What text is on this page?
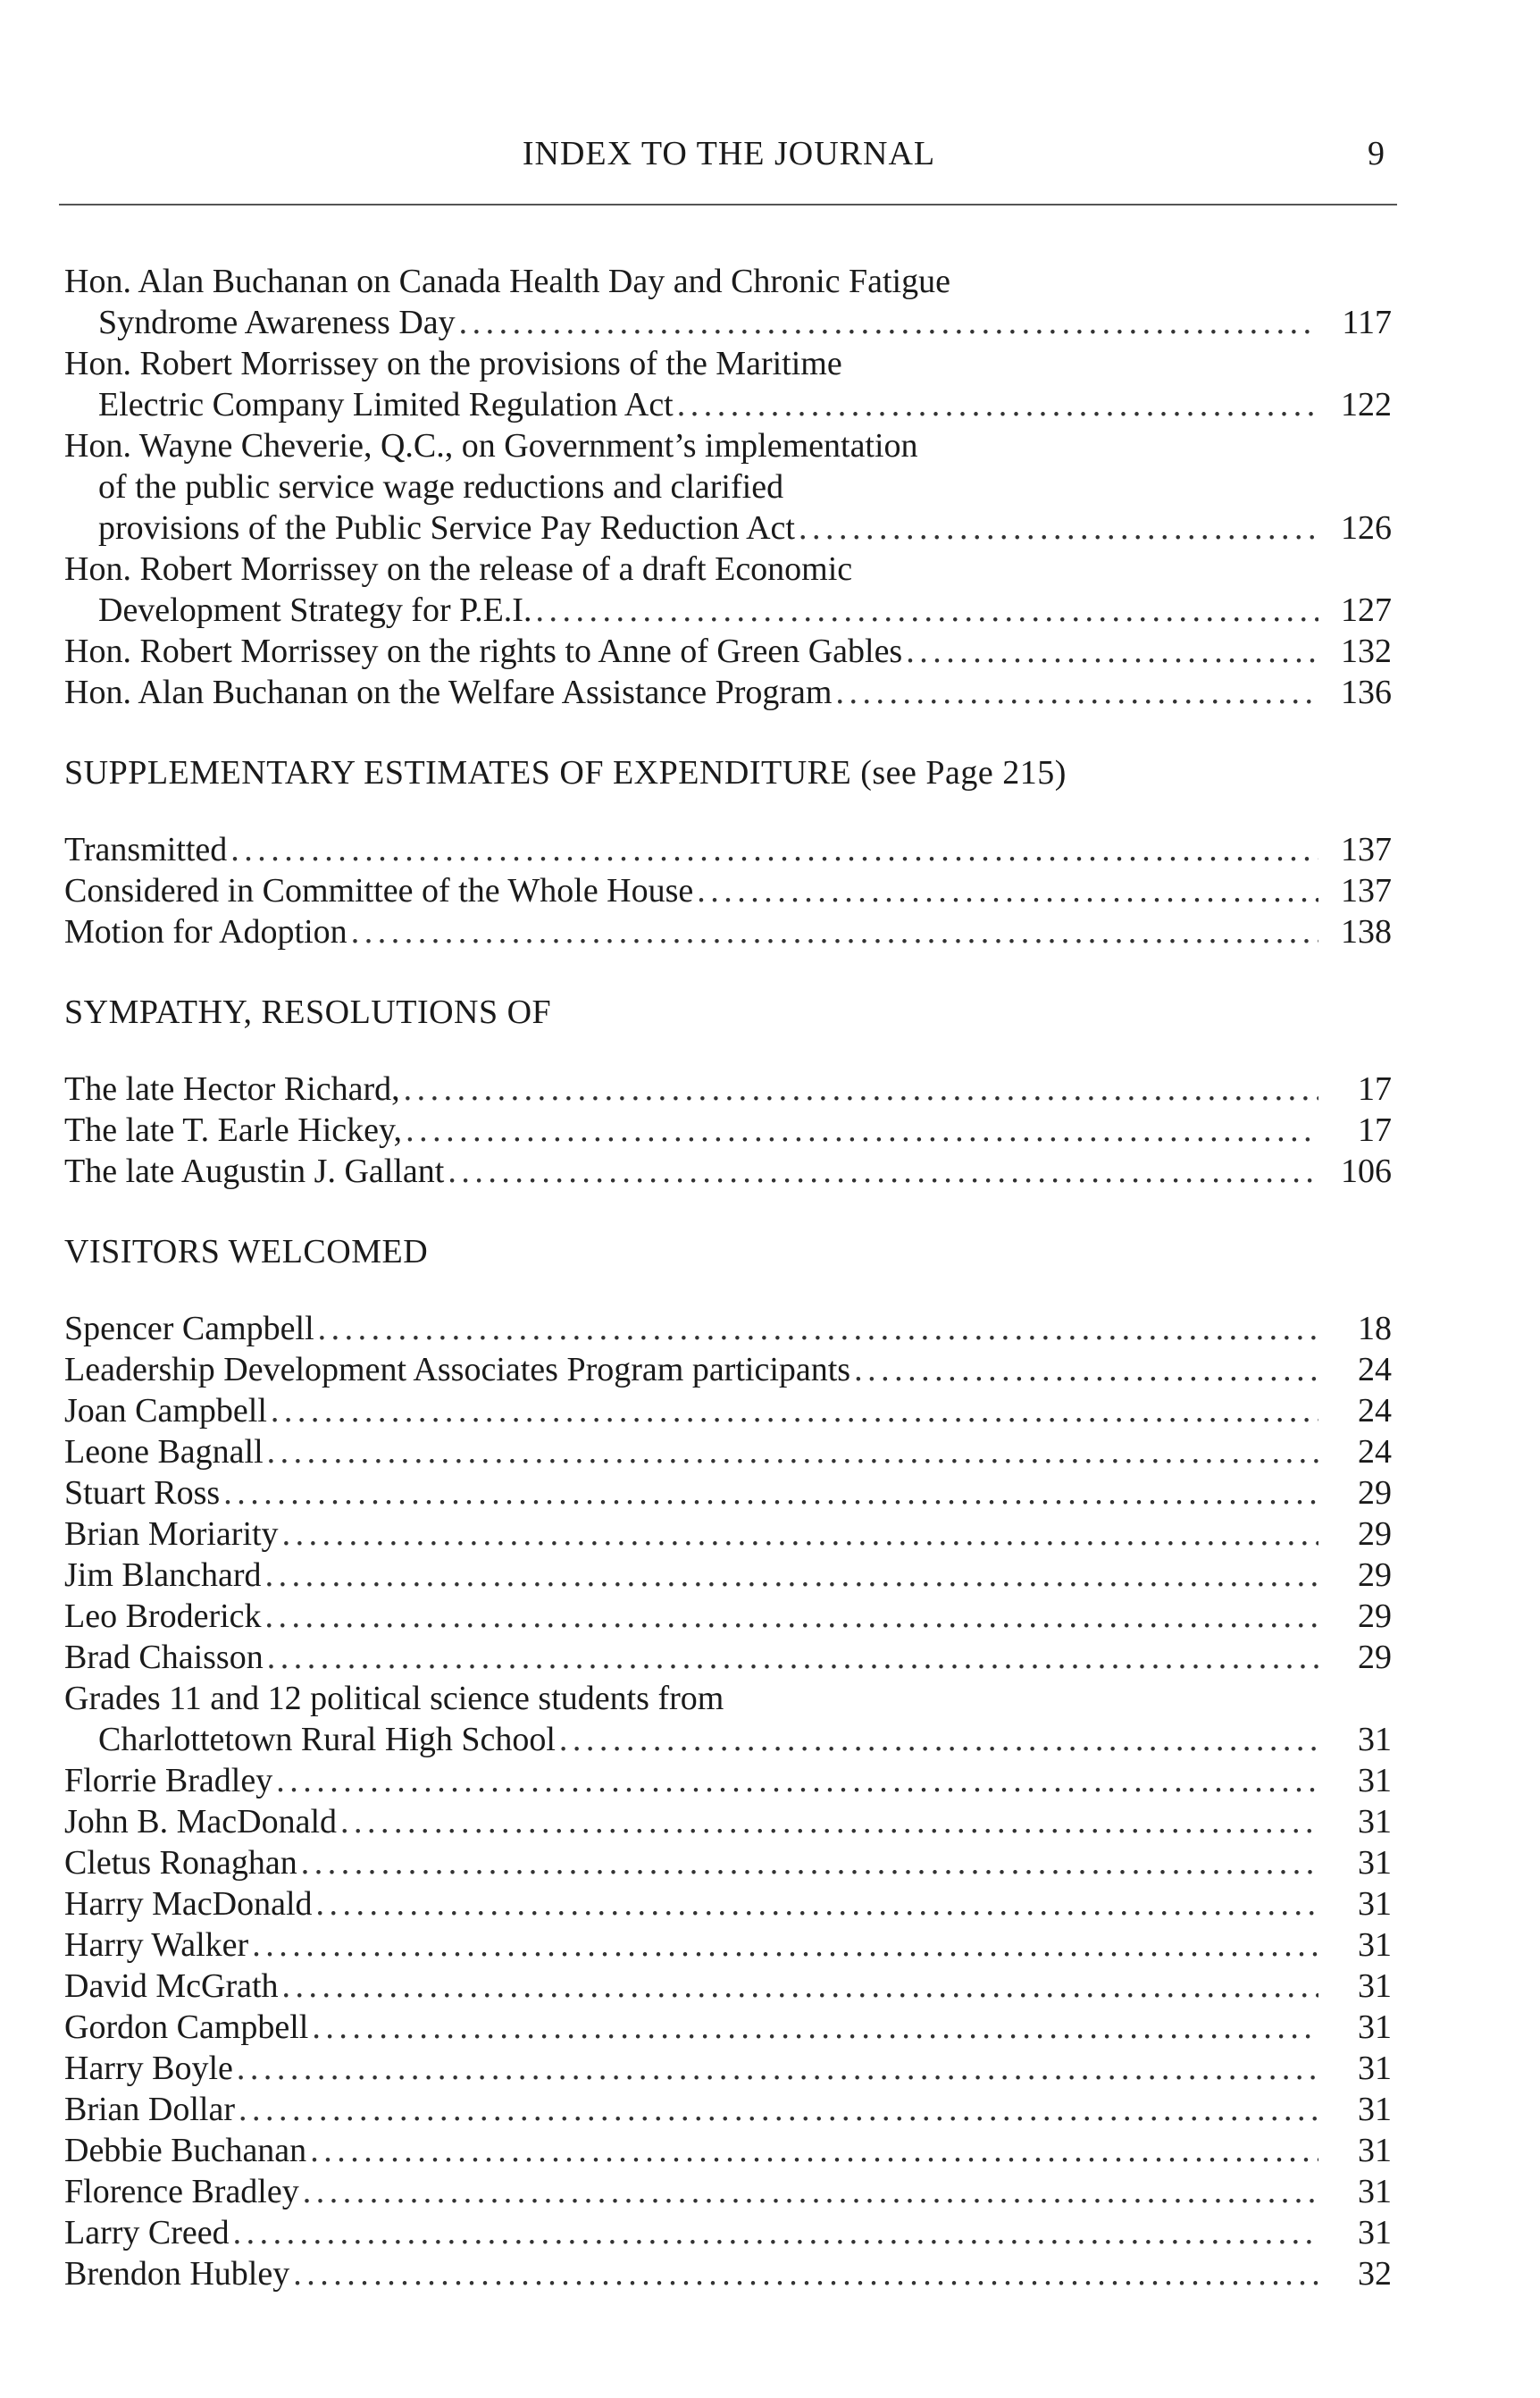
INDEX TO THE JOURNAL	9
Hon. Alan Buchanan on Canada Health Day and Chronic Fatigue
Syndrome Awareness Day . . .	117
Hon. Robert Morrissey on the provisions of the Maritime
Electric Company Limited Regulation Act . . .	122
Hon. Wayne Cheverie, Q.C., on Government’s implementation
of the public service wage reductions and clarified
provisions of the Public Service Pay Reduction Act . . .	126
Hon. Robert Morrissey on the release of a draft Economic
Development Strategy for P.E.I. . . .	127
Hon. Robert Morrissey on the rights to Anne of Green Gables . . .	132
Hon. Alan Buchanan on the Welfare Assistance Program . . .	136
SUPPLEMENTARY ESTIMATES OF EXPENDITURE (see Page 215)
Transmitted . . .	137
Considered in Committee of the Whole House . . .	137
Motion for Adoption . . .	138
SYMPATHY, RESOLUTIONS OF
The late Hector Richard, . . .	17
The late T. Earle Hickey, . . .	17
The late Augustin J. Gallant . . .	106
VISITORS WELCOMED
Spencer Campbell . . .	18
Leadership Development Associates Program participants . . .	24
Joan Campbell . . .	24
Leone Bagnall . . .	24
Stuart Ross . . .	29
Brian Moriarity . . .	29
Jim Blanchard . . .	29
Leo Broderick . . .	29
Brad Chaisson . . .	29
Grades 11 and 12 political science students from
Charlottetown Rural High School . . .	31
Florrie Bradley . . .	31
John B. MacDonald . . .	31
Cletus Ronaghan . . .	31
Harry MacDonald . . .	31
Harry Walker . . .	31
David McGrath . . .	31
Gordon Campbell . . .	31
Harry Boyle . . .	31
Brian Dollar . . .	31
Debbie Buchanan . . .	31
Florence Bradley . . .	31
Larry Creed . . .	31
Brendon Hubley . . .	32
